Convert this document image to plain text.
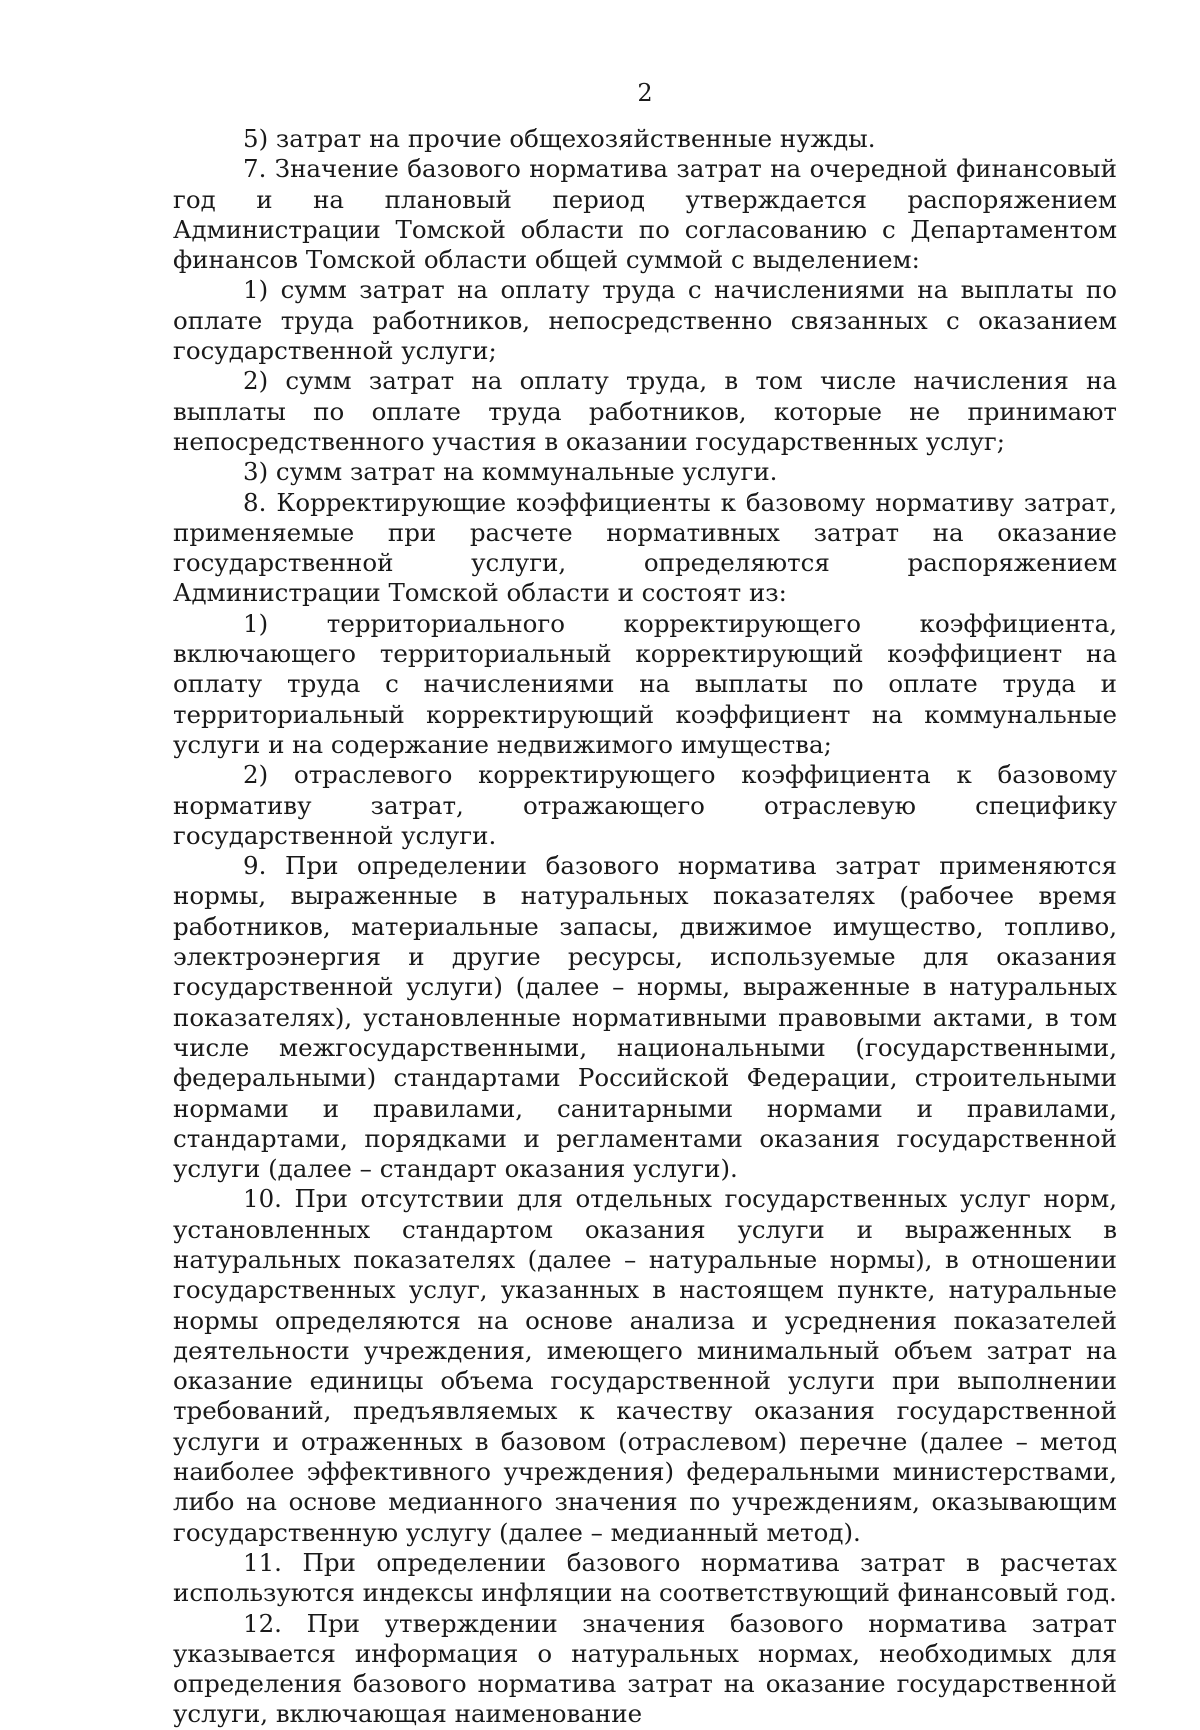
2

5) затрат на прочие общехозяйственные нужды.

7. Значение базового норматива затрат на очередной финансовый год и на плановый период утверждается распоряжением Администрации Томской области по согласованию с Департаментом финансов Томской области общей суммой с выделением:

1) сумм затрат на оплату труда с начислениями на выплаты по оплате труда работников, непосредственно связанных с оказанием государственной услуги;

2) сумм затрат на оплату труда, в том числе начисления на выплаты по оплате труда работников, которые не принимают непосредственного участия в оказании государственных услуг;

3) сумм затрат на коммунальные услуги.

8. Корректирующие коэффициенты к базовому нормативу затрат, применяемые при расчете нормативных затрат на оказание государственной услуги, определяются распоряжением Администрации Томской области и состоят из:

1) территориального корректирующего коэффициента, включающего территориальный корректирующий коэффициент на оплату труда с начислениями на выплаты по оплате труда и территориальный корректирующий коэффициент на коммунальные услуги и на содержание недвижимого имущества;

2) отраслевого корректирующего коэффициента к базовому нормативу затрат, отражающего отраслевую специфику государственной услуги.

9. При определении базового норматива затрат применяются нормы, выраженные в натуральных показателях (рабочее время работников, материальные запасы, движимое имущество, топливо, электроэнергия и другие ресурсы, используемые для оказания государственной услуги) (далее – нормы, выраженные в натуральных показателях), установленные нормативными правовыми актами, в том числе межгосударственными, национальными (государственными, федеральными) стандартами Российской Федерации, строительными нормами и правилами, санитарными нормами и правилами, стандартами, порядками и регламентами оказания государственной услуги (далее – стандарт оказания услуги).

10. При отсутствии для отдельных государственных услуг норм, установленных стандартом оказания услуги и выраженных в натуральных показателях (далее – натуральные нормы), в отношении государственных услуг, указанных в настоящем пункте, натуральные нормы определяются на основе анализа и усреднения показателей деятельности учреждения, имеющего минимальный объем затрат на оказание единицы объема государственной услуги при выполнении требований, предъявляемых к качеству оказания государственной услуги и отраженных в базовом (отраслевом) перечне (далее – метод наиболее эффективного учреждения) федеральными министерствами, либо на основе медианного значения по учреждениям, оказывающим государственную услугу (далее – медианный метод).

11. При определении базового норматива затрат в расчетах используются индексы инфляции на соответствующий финансовый год.

12. При утверждении значения базового норматива затрат указывается информация о натуральных нормах, необходимых для определения базового норматива затрат на оказание государственной услуги, включающая наименование
